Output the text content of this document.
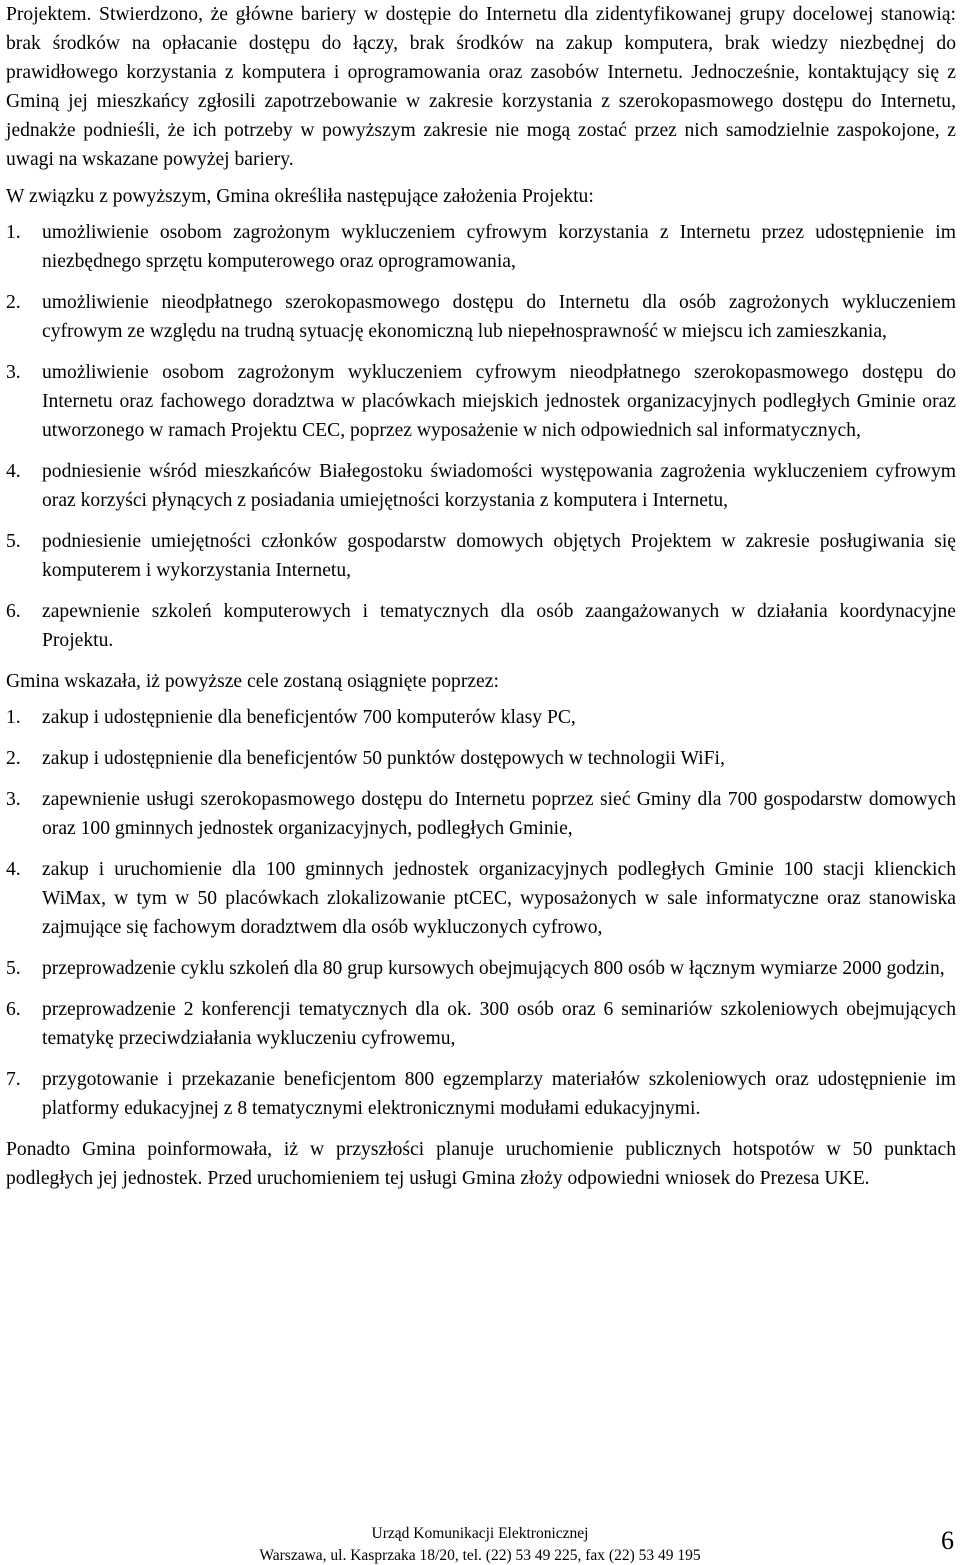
Projektem. Stwierdzono, że główne bariery w dostępie do Internetu dla zidentyfikowanej grupy docelowej stanowią: brak środków na opłacanie dostępu do łączy, brak środków na zakup komputera, brak wiedzy niezbędnej do prawidłowego korzystania z komputera i oprogramowania oraz zasobów Internetu. Jednocześnie, kontaktujący się z Gminą jej mieszkańcy zgłosili zapotrzebowanie w zakresie korzystania z szerokopasmowego dostępu do Internetu, jednakże podnieśli, że ich potrzeby w powyższym zakresie nie mogą zostać przez nich samodzielnie zaspokojone, z uwagi na wskazane powyżej bariery.

W związku z powyższym, Gmina określiła następujące założenia Projektu:

1. umożliwienie osobom zagrożonym wykluczeniem cyfrowym korzystania z Internetu przez udostępnienie im niezbędnego sprzętu komputerowego oraz oprogramowania,
2. umożliwienie nieodpłatnego szerokopasmowego dostępu do Internetu dla osób zagrożonych wykluczeniem cyfrowym ze względu na trudną sytuację ekonomiczną lub niepełnosprawność w miejscu ich zamieszkania,
3. umożliwienie osobom zagrożonym wykluczeniem cyfrowym nieodpłatnego szerokopasmowego dostępu do Internetu oraz fachowego doradztwa w placówkach miejskich jednostek organizacyjnych podległych Gminie oraz utworzonego w ramach Projektu CEC, poprzez wyposażenie w nich odpowiednich sal informatycznych,
4. podniesienie wśród mieszkańców Białegostoku świadomości występowania zagrożenia wykluczeniem cyfrowym oraz korzyści płynących z posiadania umiejętności korzystania z komputera i Internetu,
5. podniesienie umiejętności członków gospodarstw domowych objętych Projektem w zakresie posługiwania się komputerem i wykorzystania Internetu,
6. zapewnienie szkoleń komputerowych i tematycznych dla osób zaangażowanych w działania koordynacyjne Projektu.

Gmina wskazała, iż powyższe cele zostaną osiągnięte poprzez:

1. zakup i udostępnienie dla beneficjentów 700 komputerów klasy PC,
2. zakup i udostępnienie dla beneficjentów 50 punktów dostępowych w technologii WiFi,
3. zapewnienie usługi szerokopasmowego dostępu do Internetu poprzez sieć Gminy dla 700 gospodarstw domowych oraz 100 gminnych jednostek organizacyjnych, podległych Gminie,
4. zakup i uruchomienie dla 100 gminnych jednostek organizacyjnych podległych Gminie 100 stacji klienckich WiMax, w tym w 50 placówkach zlokalizowanie ptCEC, wyposażonych w sale informatyczne oraz stanowiska zajmujące się fachowym doradztwem dla osób wykluczonych cyfrowo,
5. przeprowadzenie cyklu szkoleń dla 80 grup kursowych obejmujących 800 osób w łącznym wymiarze 2000 godzin,
6. przeprowadzenie 2 konferencji tematycznych dla ok. 300 osób oraz 6 seminariów szkoleniowych obejmujących tematykę przeciwdziałania wykluczeniu cyfrowemu,
7. przygotowanie i przekazanie beneficjentom 800 egzemplarzy materiałów szkoleniowych oraz udostępnienie im platformy edukacyjnej z 8 tematycznymi elektronicznymi modułami edukacyjnymi.

Ponadto Gmina poinformowała, iż w przyszłości planuje uruchomienie publicznych hotspotów w 50 punktach podległych jej jednostek. Przed uruchomieniem tej usługi Gmina złoży odpowiedni wniosek do Prezesa UKE.

Urząd Komunikacji Elektronicznej
Warszawa, ul. Kasprzaka 18/20, tel. (22) 53 49 225, fax (22) 53 49 195
6
